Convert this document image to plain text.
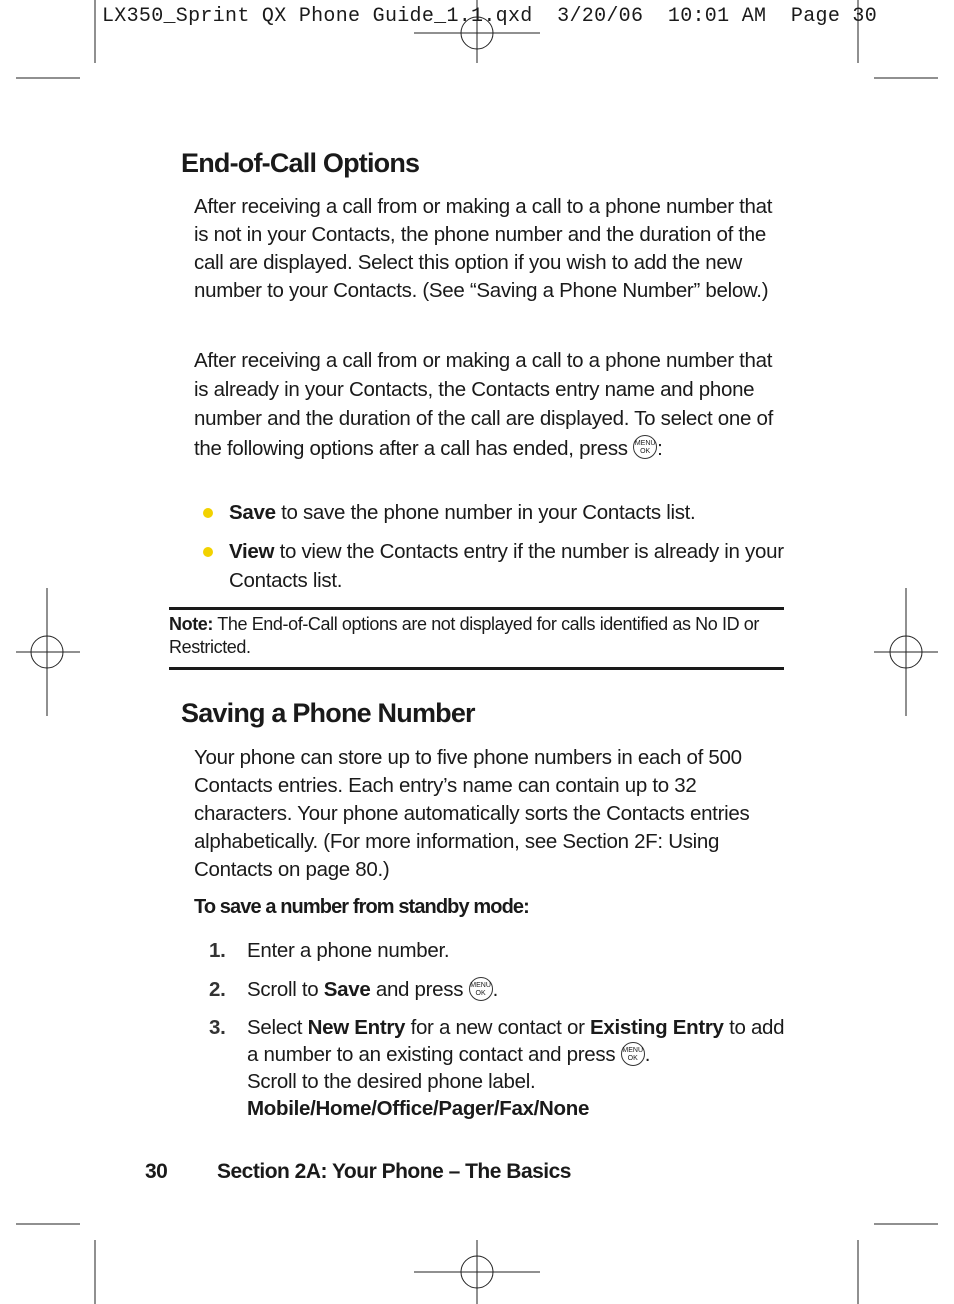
LX350_Sprint QX Phone Guide_1.1.qxd  3/20/06  10:01 AM  Page 30
End-of-Call Options

After receiving a call from or making a call to a phone number that is not in your Contacts, the phone number and the duration of the call are displayed. Select this option if you wish to add the new number to your Contacts. (See “Saving a Phone Number” below.)

After receiving a call from or making a call to a phone number that is already in your Contacts, the Contacts entry name and phone number and the duration of the call are displayed. To select one of the following options after a call has ended, press MENU
OK :

Save to save the phone number in your Contacts list.
View to view the Contacts entry if the number is already in your Contacts list.
Note: The End-of-Call options are not displayed for calls identified as No ID or Restricted.
Saving a Phone Number

Your phone can store up to five phone numbers in each of 500 Contacts entries. Each entry’s name can contain up to 32 characters. Your phone automatically sorts the Contacts entries alphabetically. (For more information, see Section 2F: Using Contacts on page 80.)

To save a number from standby mode:
1.	Enter a phone number.
2.	Scroll to Save and press MENU
OK .
3.	Select New Entry for a new contact or Existing Entry to add a number to an existing contact and press MENU
OK .
Scroll to the desired phone label.
Mobile/Home/Office/Pager/Fax/None
30 Section 2A: Your Phone – The Basics
